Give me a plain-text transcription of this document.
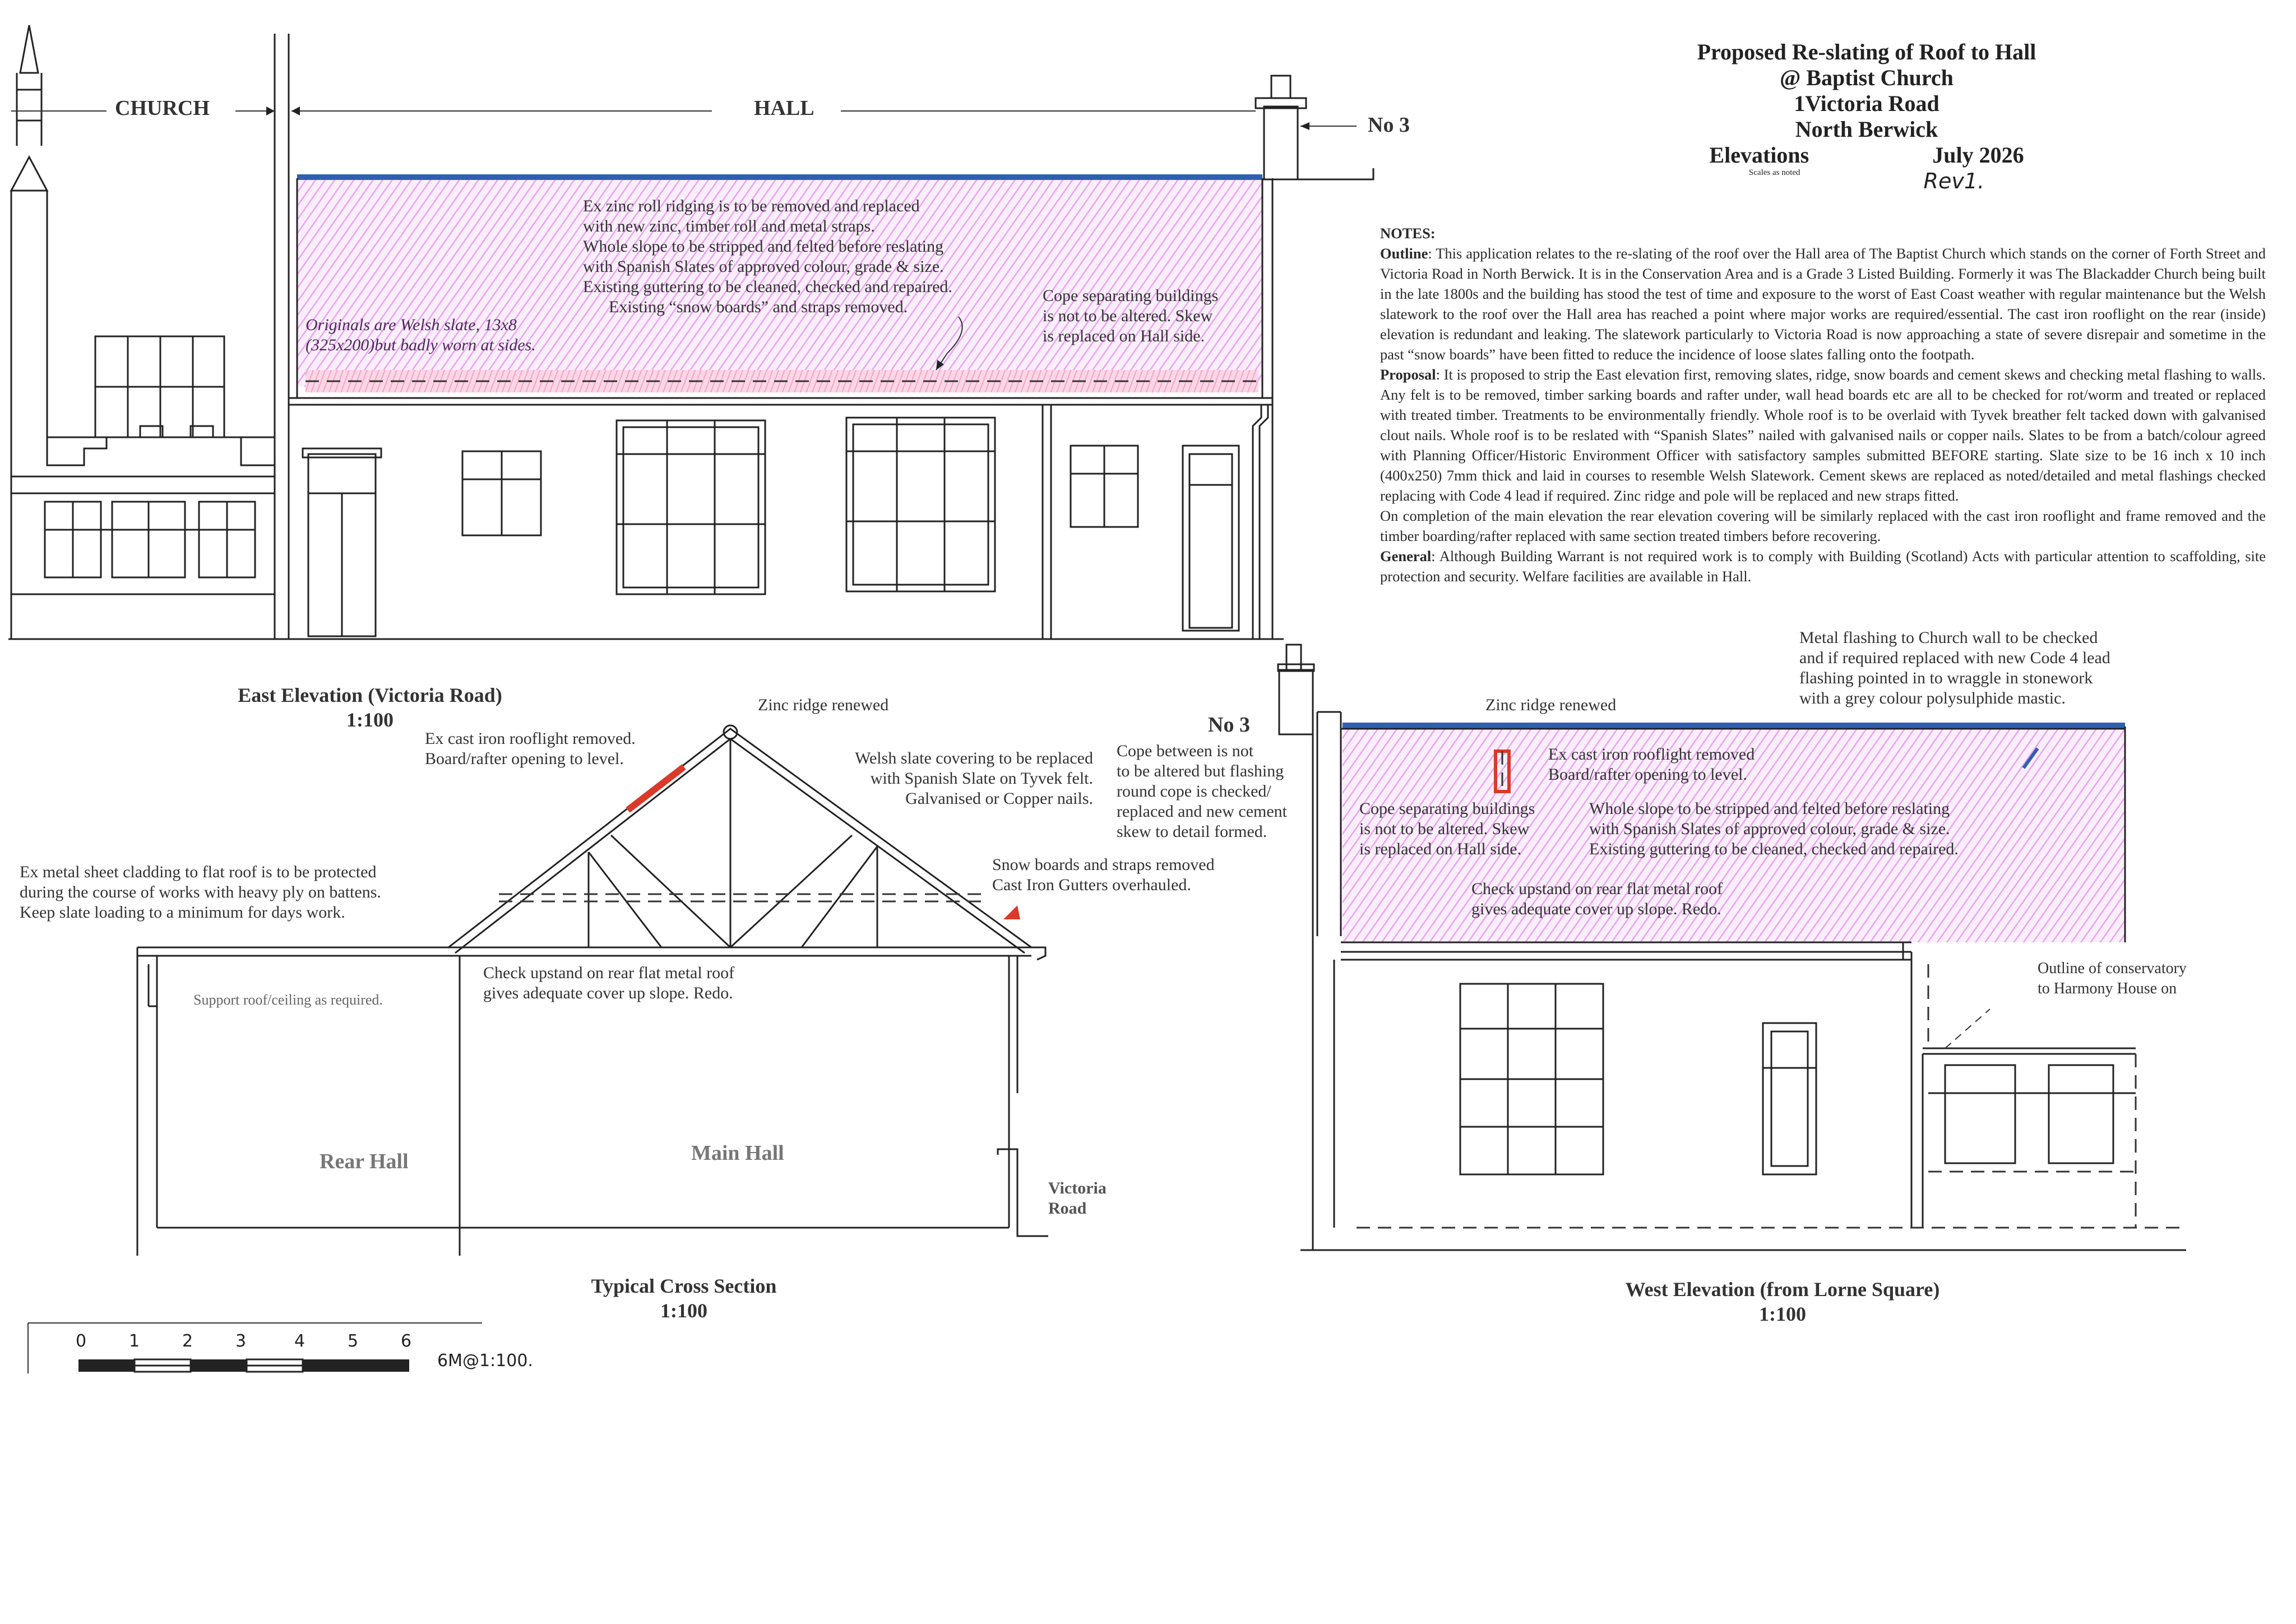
Proposed Re-slating of Roof to Hall
@ Baptist Church
1Victoria Road
North Berwick
Elevations	July 2026
Scales as noted	Rev1.
NOTES:
Outline: This application relates to the re-slating of the roof over the Hall area of The Baptist Church which stands on the corner of Forth Street and Victoria Road in North Berwick. It is in the Conservation Area and is a Grade 3 Listed Building. Formerly it was The Blackadder Church being built in the late 1800s and the building has stood the test of time and exposure to the worst of East Coast weather with regular maintenance but the Welsh slatework to the roof over the Hall area has reached a point where major works are required/essential. The cast iron rooflight on the rear (inside) elevation is redundant and leaking. The slatework particularly to Victoria Road is now approaching a state of severe disrepair and sometime in the past “snow boards” have been fitted to reduce the incidence of loose slates falling onto the footpath.
Proposal: It is proposed to strip the East elevation first, removing slates, ridge, snow boards and cement skews and checking metal flashing to walls. Any felt is to be removed, timber sarking boards and rafter under, wall head boards etc are all to be checked for rot/worm and treated or replaced with treated timber. Treatments to be environmentally friendly. Whole roof is to be overlaid with Tyvek breather felt tacked down with galvanised clout nails. Whole roof is to be reslated with “Spanish Slates” nailed with galvanised nails or copper nails. Slates to be from a batch/colour agreed with Planning Officer/Historic Environment Officer with satisfactory samples submitted BEFORE starting. Slate size to be 16 inch x 10 inch (400x250) 7mm thick and laid in courses to resemble Welsh Slatework. Cement skews are replaced as noted/detailed and metal flashings checked replacing with Code 4 lead if required. Zinc ridge and pole will be replaced and new straps fitted.
On completion of the main elevation the rear elevation covering will be similarly replaced with the cast iron rooflight and frame removed and the timber boarding/rafter replaced with same section treated timbers before recovering.
General: Although Building Warrant is not required work is to comply with Building (Scotland) Acts with particular attention to scaffolding, site protection and security. Welfare facilities are available in Hall.
CHURCH	HALL
No 3
Ex zinc roll ridging is to be removed and replaced
with new zinc, timber roll and metal straps.
Whole slope to be stripped and felted before reslating
with Spanish Slates of approved colour, grade & size.
Existing guttering to be cleaned, checked and repaired.
Existing “snow boards” and straps removed.
Originals are Welsh slate, 13x8
(325x200)but badly worn at sides.
Cope separating buildings
is not to be altered. Skew
is replaced on Hall side.
East Elevation (Victoria Road)
1:100
Zinc ridge renewed
Ex cast iron rooflight removed.
Board/rafter opening to level.	Welsh slate covering to be replaced
with Spanish Slate on Tyvek felt.
Galvanised or Copper nails.
Snow boards and straps removed
Cast Iron Gutters overhauled.
Ex metal sheet cladding to flat roof is to be protected
during the course of works with heavy ply on battens.
Keep slate loading to a minimum for days work.
Support roof/ceiling as required.
Check upstand on rear flat metal roof
gives adequate cover up slope. Redo.
Rear Hall	Main Hall
Victoria
Road
Typical Cross Section
1:100
No 3
Cope between is not
to be altered but flashing
round cope is checked/
replaced and new cement
skew to detail formed.
Metal flashing to Church wall to be checked
and if required replaced with new Code 4 lead
flashing pointed in to wraggle in stonework
with a grey colour polysulphide mastic.
Zinc ridge renewed
Ex cast iron rooflight removed
Board/rafter opening to level.
Cope separating buildings
is not to be altered. Skew
is replaced on Hall side.
Whole slope to be stripped and felted before reslating
with Spanish Slates of approved colour, grade & size.
Existing guttering to be cleaned, checked and repaired.
Check upstand on rear flat metal roof
gives adequate cover up slope. Redo.
Outline of conservatory
to Harmony House on
West Elevation (from Lorne Square)
1:100
0	1	2	3	4	5	6
6M@1:100.
